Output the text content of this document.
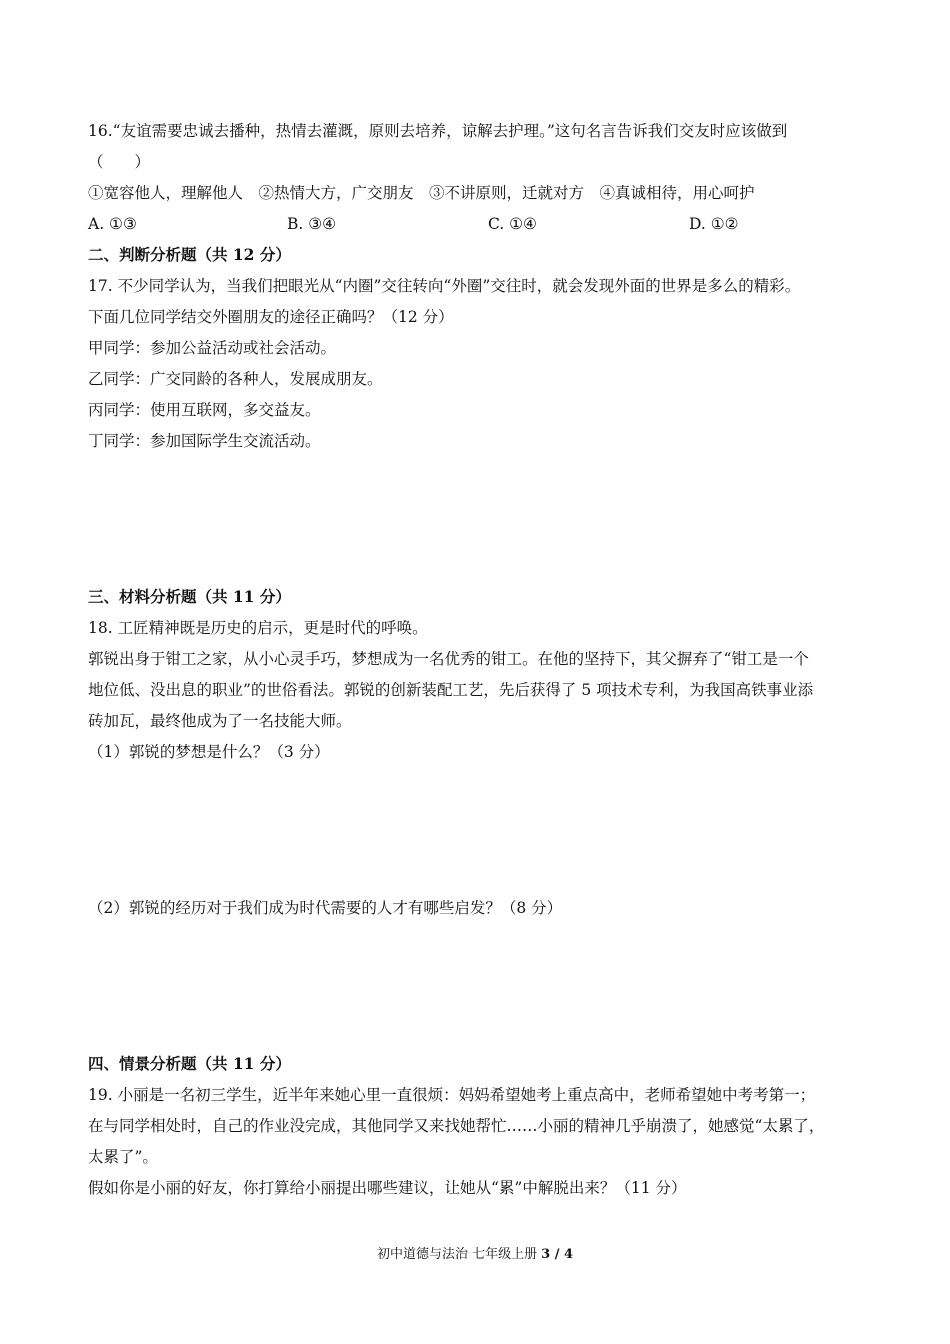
16.“友谊需要忠诚去播种，热情去灌溉，原则去培养，谅解去护理。”这句名言告诉我们交友时应该做到
（　　）
①宽容他人，理解他人　②热情大方，广交朋友　③不讲原则，迁就对方　④真诚相待，用心呵护
A. ①③	B. ③④	C. ①④	D. ①②
二、判断分析题（共 12 分）
17. 不少同学认为，当我们把眼光从“内圈”交往转向“外圈”交往时，就会发现外面的世界是多么的精彩。
下面几位同学结交外圈朋友的途径正确吗？（12 分）
甲同学：参加公益活动或社会活动。
乙同学：广交同龄的各种人，发展成朋友。
丙同学：使用互联网，多交益友。
丁同学：参加国际学生交流活动。
三、材料分析题（共 11 分）
18. 工匠精神既是历史的启示，更是时代的呼唤。
郭锐出身于钳工之家，从小心灵手巧，梦想成为一名优秀的钳工。在他的坚持下，其父摒弃了“钳工是一个
地位低、没出息的职业”的世俗看法。郭锐的创新装配工艺，先后获得了 5 项技术专利，为我国高铁事业添
砖加瓦，最终他成为了一名技能大师。
（1）郭锐的梦想是什么？（3 分）
（2）郭锐的经历对于我们成为时代需要的人才有哪些启发？（8 分）
四、情景分析题（共 11 分）
19. 小丽是一名初三学生，近半年来她心里一直很烦：妈妈希望她考上重点高中，老师希望她中考考第一；
在与同学相处时，自己的作业没完成，其他同学又来找她帮忙……小丽的精神几乎崩溃了，她感觉“太累了，
太累了”。
假如你是小丽的好友，你打算给小丽提出哪些建议，让她从“累”中解脱出来？（11 分）
初中道德与法治 七年级上册 3 / 4
